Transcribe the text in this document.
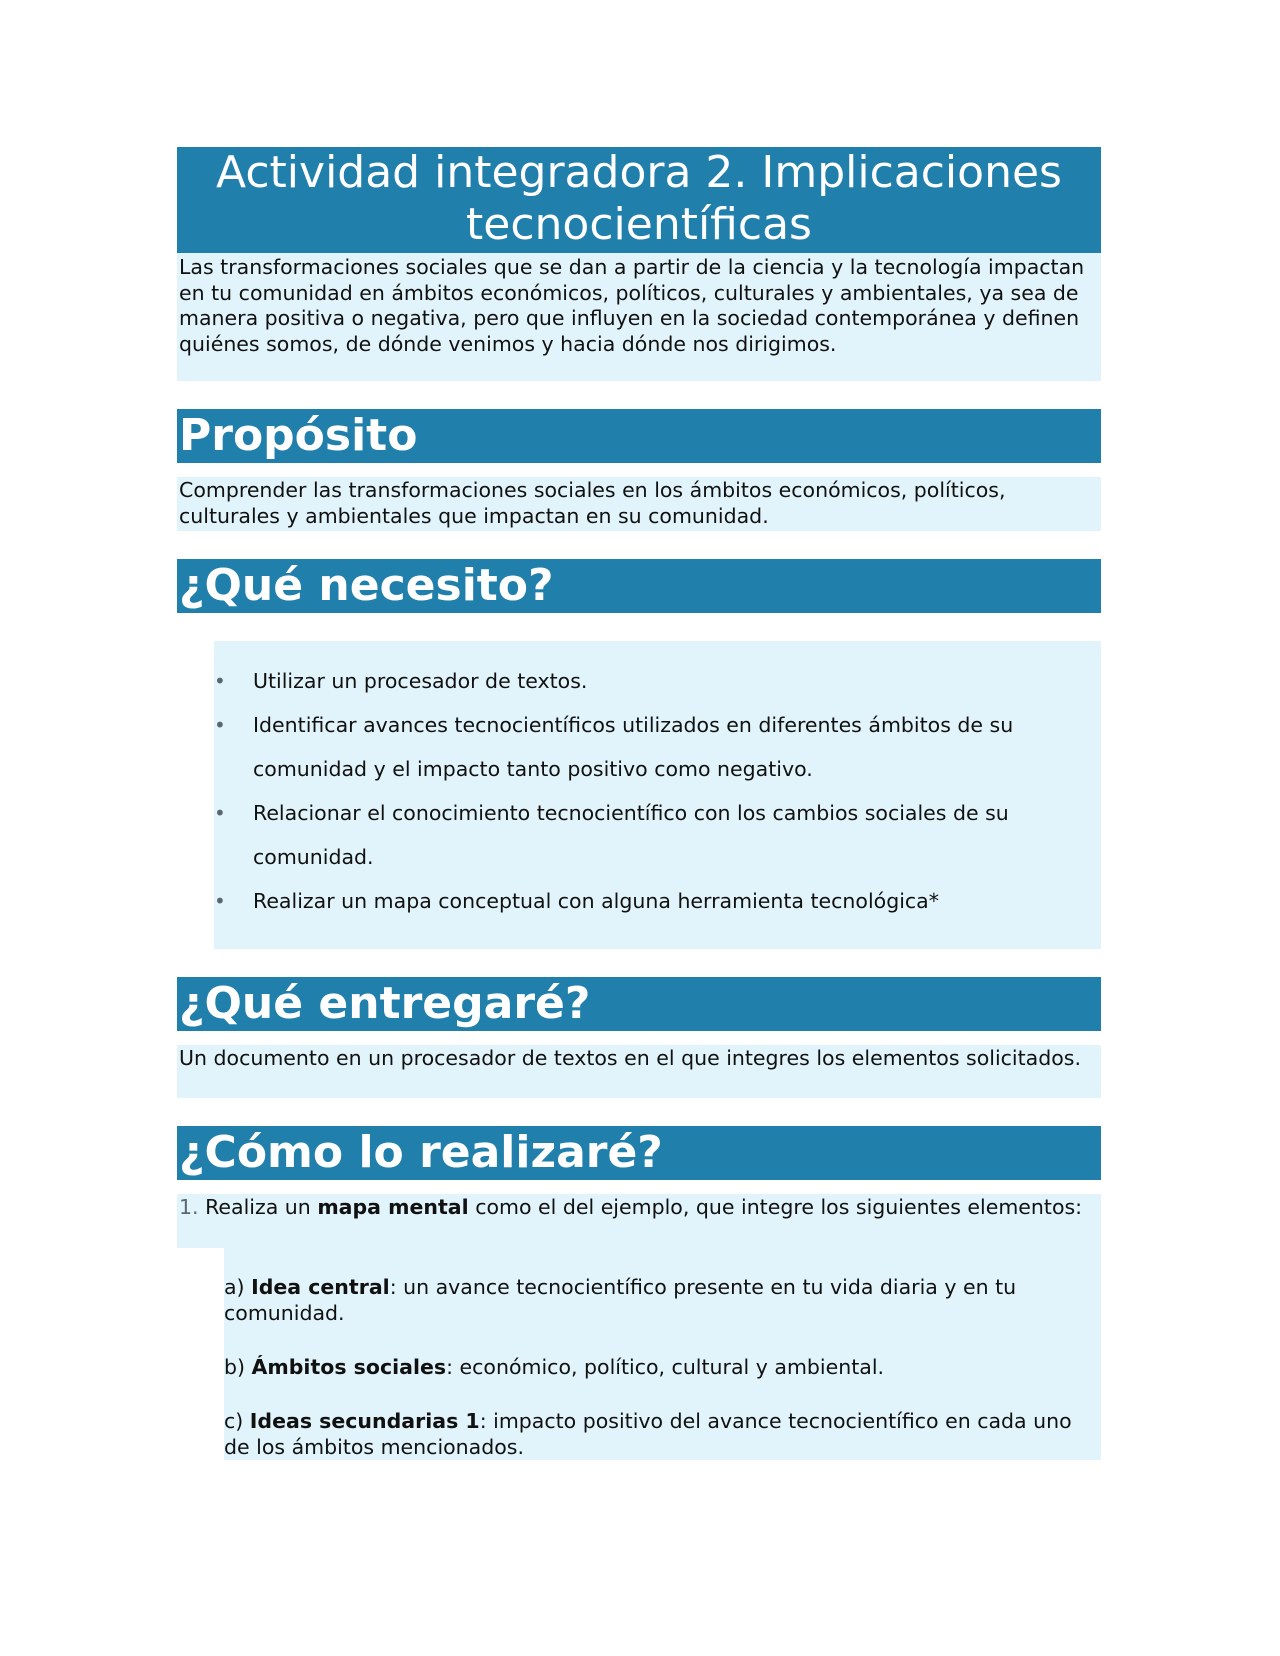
Actividad integradora 2. Implicaciones tecnocientíficas
Las transformaciones sociales que se dan a partir de la ciencia y la tecnología impactan en tu comunidad en ámbitos económicos, políticos, culturales y ambientales, ya sea de manera positiva o negativa, pero que influyen en la sociedad contemporánea y definen quiénes somos, de dónde venimos y hacia dónde nos dirigimos.
Propósito
Comprender las transformaciones sociales en los ámbitos económicos, políticos, culturales y ambientales que impactan en su comunidad.
¿Qué necesito?
• Utilizar un procesador de textos.
• Identificar avances tecnocientíficos utilizados en diferentes ámbitos de su comunidad y el impacto tanto positivo como negativo.
• Relacionar el conocimiento tecnocientífico con los cambios sociales de su comunidad.
• Realizar un mapa conceptual con alguna herramienta tecnológica*
¿Qué entregaré?
Un documento en un procesador de textos en el que integres los elementos solicitados.
¿Cómo lo realizaré?
1. Realiza un mapa mental como el del ejemplo, que integre los siguientes elementos:
a) Idea central: un avance tecnocientífico presente en tu vida diaria y en tu comunidad.
b) Ámbitos sociales: económico, político, cultural y ambiental.
c) Ideas secundarias 1: impacto positivo del avance tecnocientífico en cada uno de los ámbitos mencionados.
